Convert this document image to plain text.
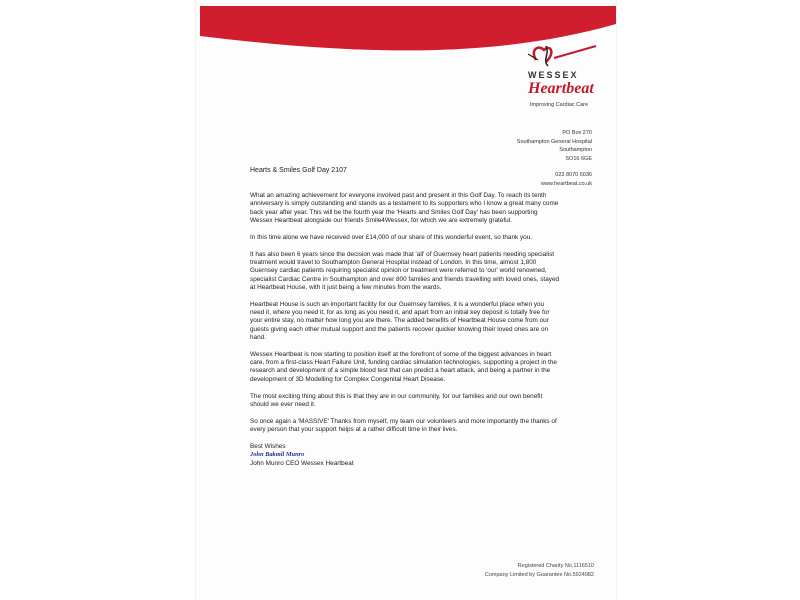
WESSEX
Heartbeat
Improving Cardiac Care
PO Box 270
Southampton General Hospital
Southampton
SO16 6GE
023 8070 6036
www.heartbeat.co.uk
Hearts & Smiles Golf Day 2107

What an amazing achievement for everyone involved past and present in this Golf Day. To reach its tenth anniversary is simply outstanding and stands as a testament to its supporters who I know a great many come back year after year. This will be the fourth year the 'Hearts and Smiles Golf Day' has been supporting Wessex Heartbeat alongside our friends Smile4Wessex, for which we are extremely grateful.

In this time alone we have received over £14,000 of our share of this wonderful event, so thank you.

It has also been 6 years since the decision was made that 'all' of Guernsey heart patients needing specialist treatment would travel to Southampton General Hospital instead of London. In this time, almost 1,800 Guernsey cardiac patients requiring specialist opinion or treatment were referred to 'our' world renowned, specialist Cardiac Centre in Southampton and over 800 families and friends travelling with loved ones, stayed at Heartbeat House, with it just being a few minutes from the wards.

Heartbeat House is such an important facility for our Guernsey families, it is a wonderful place when you need it, where you need it, for as long as you need it, and apart from an initial key deposit is totally free for your entire stay, no matter how long you are there. The added benefits of Heartbeat House come from our guests giving each other mutual support and the patients recover quicker knowing their loved ones are on hand.

Wessex Heartbeat is now starting to position itself at the forefront of some of the biggest advances in heart care, from a first-class Heart Failure Unit, funding cardiac simulation technologies, supporting a project in the research and development of a simple blood test that can predict a heart attack, and being a partner in the development of 3D Modelling for Complex Congenital Heart Disease.

The most exciting thing about this is that they are in our community, for our families and our own benefit should we ever need it.

So once again a 'MASSIVE' Thanks from myself, my team our volunteers and more importantly the thanks of every person that your support helps at a rather difficult time in their lives.

Best Wishes
John Bakmil Munro
John Munro CEO Wessex Heartbeat
Registered Charity No.1116510
Company Limited by Guarantee No.5924982
